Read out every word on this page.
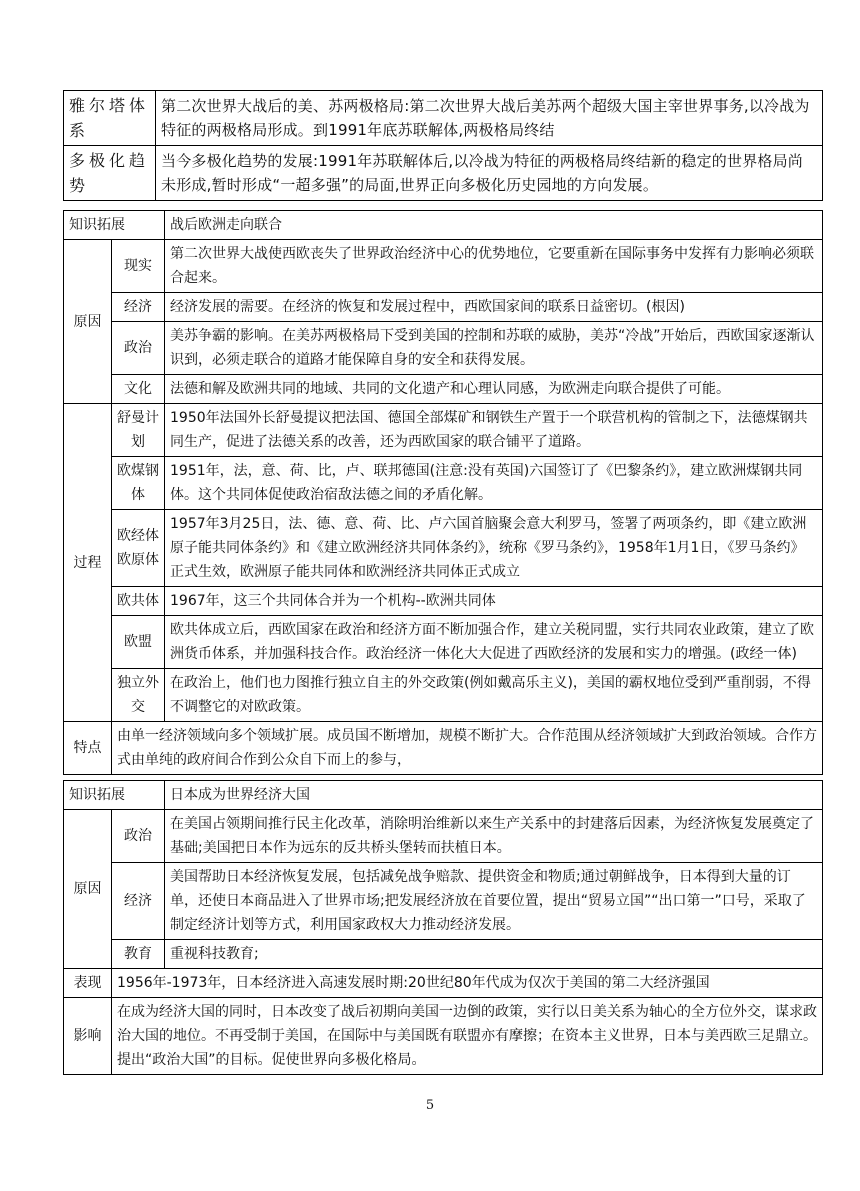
雅尔塔体系	第二次世界大战后的美、苏两极格局:第二次世界大战后美苏两个超级大国主宰世界事务,以冷战为特征的两极格局形成。到1991年底苏联解体,两极格局终结
多极化趋势	当今多极化趋势的发展:1991年苏联解体后,以冷战为特征的两极格局终结新的稳定的世界格局尚未形成,暂时形成“一超多强”的局面,世界正向多极化历史园地的方向发展。
知识拓展		战后欧洲走向联合
原因	现实	第二次世界大战使西欧丧失了世界政治经济中心的优势地位，它要重新在国际事务中发挥有力影响必须联合起来。
	经济	经济发展的需要。在经济的恢复和发展过程中，西欧国家间的联系日益密切。(根因)
	政治	美苏争霸的影响。在美苏两极格局下受到美国的控制和苏联的威胁，美苏“冷战”开始后，西欧国家逐渐认识到，必须走联合的道路才能保障自身的安全和获得发展。
	文化	法德和解及欧洲共同的地域、共同的文化遗产和心理认同感，为欧洲走向联合提供了可能。
过程	舒曼计划	1950年法国外长舒曼提议把法国、德国全部煤矿和钢铁生产置于一个联营机构的管制之下，法德煤钢共同生产，促进了法德关系的改善，还为西欧国家的联合铺平了道路。
	欧煤钢体	1951年，法，意、荷、比，卢、联邦德国(注意:没有英国)六国签订了《巴黎条约》，建立欧洲煤钢共同体。这个共同体促使政治宿敌法德之间的矛盾化解。
	欧经体欧原体	1957年3月25日，法、德、意、荷、比、卢六国首脑聚会意大利罗马，签署了两项条约，即《建立欧洲原子能共同体条约》和《建立欧洲经济共同体条约》，统称《罗马条约》，1958年1月1日，《罗马条约》正式生效，欧洲原子能共同体和欧洲经济共同体正式成立
	欧共体	1967年，这三个共同体合并为一个机构--欧洲共同体
	欧盟	欧共体成立后，西欧国家在政治和经济方面不断加强合作，建立关税同盟，实行共同农业政策，建立了欧洲货币体系，并加强科技合作。政治经济一体化大大促进了西欧经济的发展和实力的增强。(政经一体)
	独立外交	在政治上，他们也力图推行独立自主的外交政策(例如戴高乐主义)，美国的霸权地位受到严重削弱，不得不调整它的对欧政策。
特点	由单一经济领域向多个领域扩展。成员国不断增加，规模不断扩大。合作范围从经济领域扩大到政治领域。合作方式由单纯的政府间合作到公众自下而上的参与，	
知识拓展		日本成为世界经济大国
原因	政治	在美国占领期间推行民主化改革，消除明治维新以来生产关系中的封建落后因素，为经济恢复发展奠定了基础;美国把日本作为远东的反共桥头堡转而扶植日本。
	经济	美国帮助日本经济恢复发展，包括减免战争赔款、提供资金和物质;通过朝鲜战争，日本得到大量的订单，还使日本商品进入了世界市场;把发展经济放在首要位置，提出“贸易立国”“出口第一”口号，采取了制定经济计划等方式，利用国家政权大力推动经济发展。
	教育	重视科技教育;
表现	1956年-1973年，日本经济进入高速发展时期:20世纪80年代成为仅次于美国的第二大经济强国	
影响	在成为经济大国的同时，日本改变了战后初期向美国一边倒的政策，实行以日美关系为轴心的全方位外交，谋求政治大国的地位。不再受制于美国，在国际中与美国既有联盟亦有摩擦；在资本主义世界，日本与美西欧三足鼎立。提出“政治大国”的目标。促使世界向多极化格局。	
5
